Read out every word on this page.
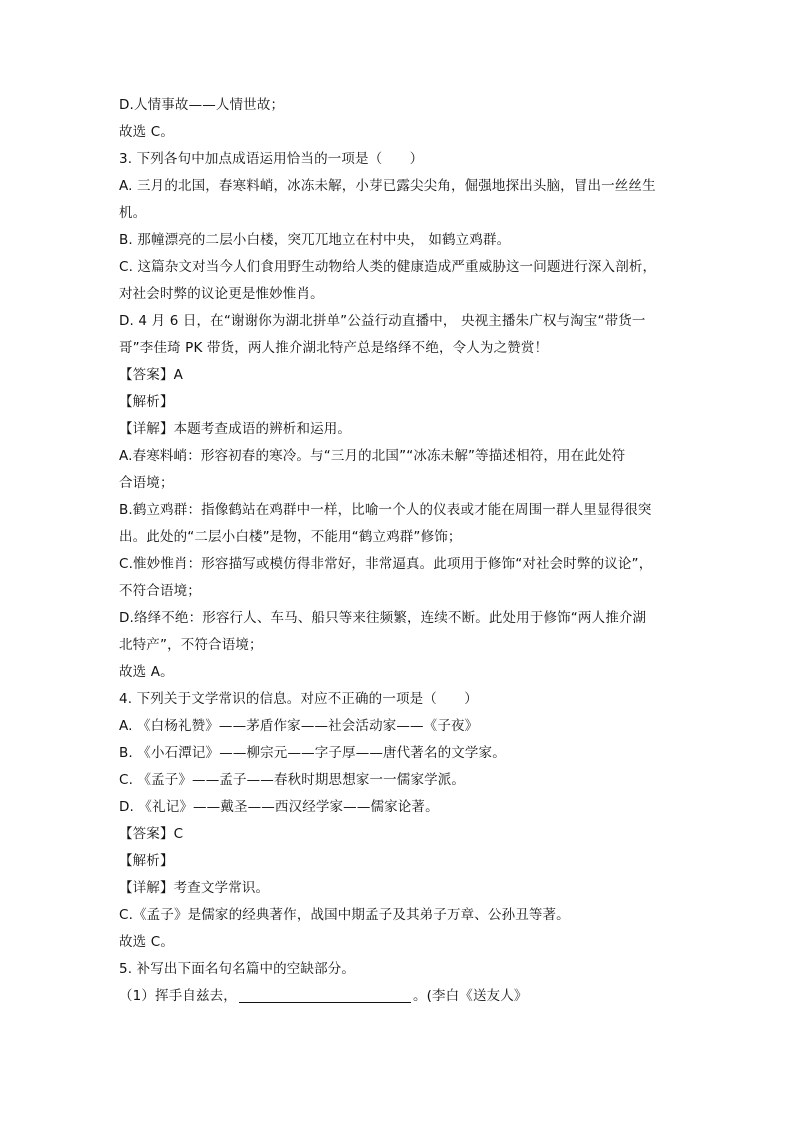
D.人情事故——人情世故；
故选 C。
3. 下列各句中加点成语运用恰当的一项是（　　）
A. 三月的北国，春寒料峭，冰冻未解，小芽已露尖尖角，倔强地探出头脑，冒出一丝丝生
机。
B. 那幢漂亮的二层小白楼，突兀兀地立在村中央， 如鹤立鸡群。
C. 这篇杂文对当今人们食用野生动物给人类的健康造成严重威胁这一问题进行深入剖析，
对社会时弊的议论更是惟妙惟肖。
D. 4 月 6 日，在“谢谢你为湖北拼单”公益行动直播中， 央视主播朱广权与淘宝“带货一
哥”李佳琦 PK 带货，两人推介湖北特产总是络绎不绝，令人为之赞赏！
【答案】A
【解析】
【详解】本题考查成语的辨析和运用。
A.春寒料峭：形容初春的寒冷。与“三月的北国”“冰冻未解”等描述相符，用在此处符
合语境；
B.鹤立鸡群：指像鹤站在鸡群中一样，比喻一个人的仪表或才能在周围一群人里显得很突
出。此处的“二层小白楼”是物，不能用“鹤立鸡群”修饰；
C.惟妙惟肖：形容描写或模仿得非常好，非常逼真。此项用于修饰“对社会时弊的议论”，
不符合语境；
D.络绎不绝：形容行人、车马、船只等来往频繁，连续不断。此处用于修饰“两人推介湖
北特产”，不符合语境；
故选 A。
4. 下列关于文学常识的信息。对应不正确的一项是（　　）
A. 《白杨礼赞》——茅盾作家——社会活动家——《子夜》
B. 《小石潭记》——柳宗元——字子厚——唐代著名的文学家。
C. 《孟子》——孟子——春秋时期思想家一一儒家学派。
D. 《礼记》——戴圣——西汉经学家——儒家论著。
【答案】C
【解析】
【详解】考查文学常识。
C.《孟子》是儒家的经典著作，战国中期孟子及其弟子万章、公孙丑等著。
故选 C。
5. 补写出下面名句名篇中的空缺部分。
（1）挥手自兹去，	。(李白《送友人》
